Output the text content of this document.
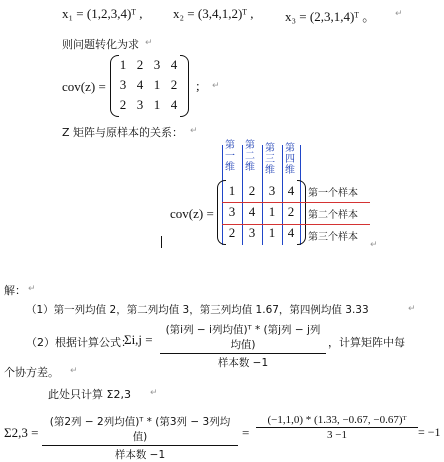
x₁ = (1,2,3,4)ᵀ , x₂ = (3,4,1,2)ᵀ , x₃ = (2,3,1,4)ᵀ 。 ↵
则问题转化为求 ↵
cov(z) =
1 2 3 4
3 4 1 2
2 3 1 4
; ↵
Z 矩阵与原样本的关系： ↵
第一维
第二维
第三维
第四维
cov(z) =
1	2	3 4
3	4	1 2
2	3	1 4
第一个样本
第二个样本
第三个样本
↵
解： ↵
（1）第一列均值 2，第二列均值 3，第三列均值 1.67，第四例均值 3.33	↵
（2）根据计算公式：
Σi,j =
(第i列 − i列均值)ᵀ * (第j列 − j列均值)
样本数 −1
，计算矩阵中每
个协方差。 ↵
此处只计算 Σ2,3 ↵
Σ2,3 =
(第2列 − 2列均值)ᵀ * (第3列 − 3列均值)
样本数 −1
= $\frac{\text{(−1,1,0) * (1.33, −0.67, −0.67)ᵀ}}{3 -1} = -1$
